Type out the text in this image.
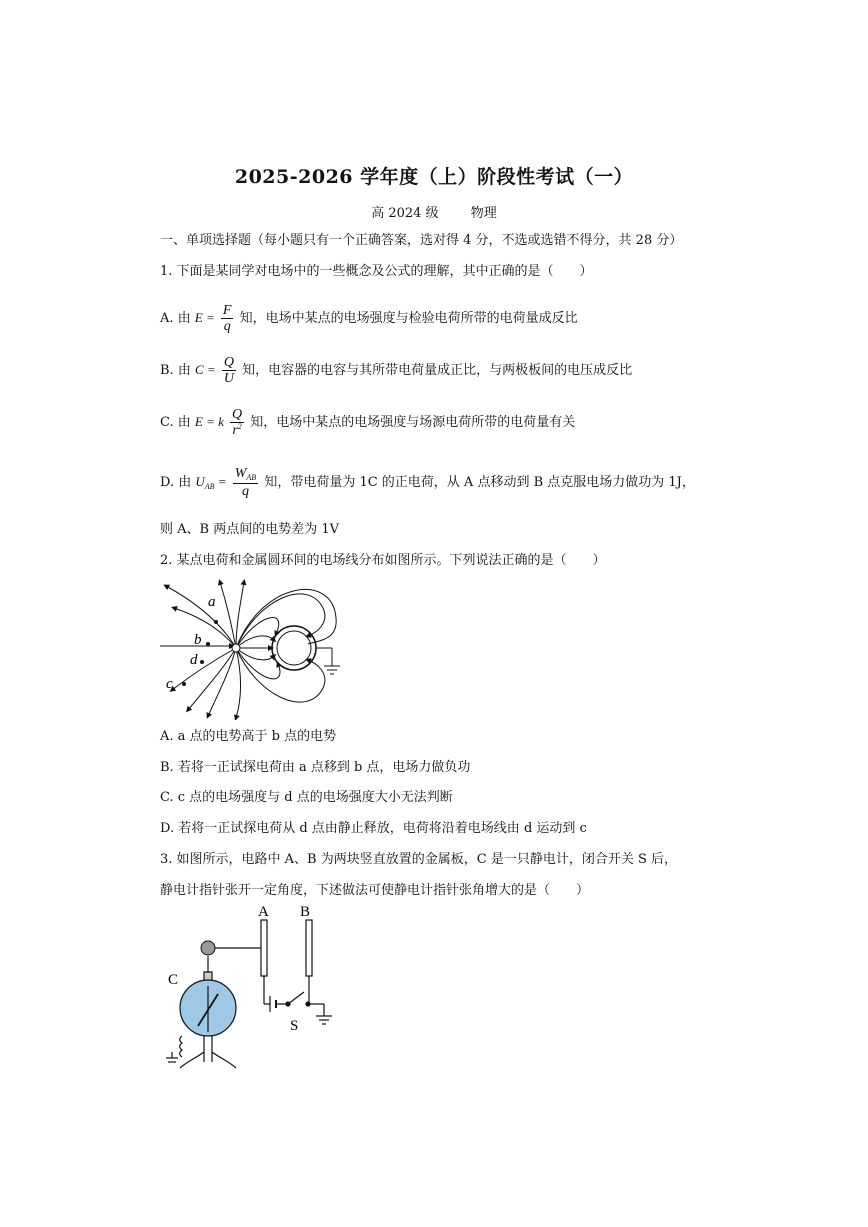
2025-2026 学年度（上）阶段性考试（一）
高 2024 级 物理
一、单项选择题（每小题只有一个正确答案，选对得 4 分，不选或选错不得分，共 28 分）
1. 下面是某同学对电场中的一些概念及公式的理解，其中正确的是（　　）
A. 由 $E = \frac{F}{q}$ 知，电场中某点的电场强度与检验电荷所带的电荷量成反比
B. 由 $C = \frac{Q}{U}$ 知，电容器的电容与其所带电荷量成正比，与两极板间的电压成反比
C. 由 E = k $\frac{Q}{r^2}$ 知，电场中某点的电场强度与场源电荷所带的电荷量有关
D. 由 $U_{AB} = \frac{W_{AB}}{q}$ 知，带电荷量为 1C 的正电荷，从 A 点移动到 B 点克服电场力做功为 1J，
则 A、B 两点间的电势差为 1V
2. 某点电荷和金属圆环间的电场线分布如图所示。下列说法正确的是（　　）
a
b
d
c
A. a 点的电势高于 b 点的电势
B. 若将一正试探电荷由 a 点移到 b 点，电场力做负功
C. c 点的电场强度与 d 点的电场强度大小无法判断
D. 若将一正试探电荷从 d 点由静止释放，电荷将沿着电场线由 d 运动到 c
3. 如图所示，电路中 A、B 为两块竖直放置的金属板，C 是一只静电计，闭合开关 S 后，
静电计指针张开一定角度，下述做法可使静电计指针张角增大的是（　　）
A B
C
S
